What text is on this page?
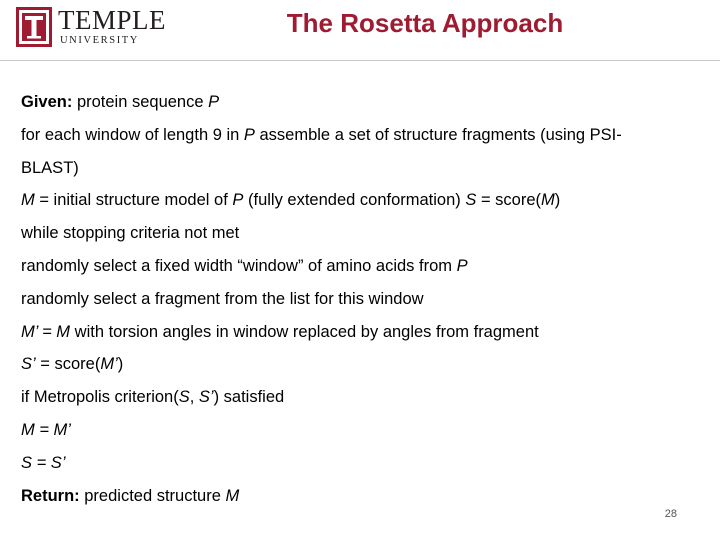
TEMPLE
UNIVERSITY
The Rosetta Approach
Given: protein sequence P
for each window of length 9 in P assemble a set of structure fragments (using PSI-
BLAST)
M = initial structure model of P (fully extended conformation) S = score(M)
while stopping criteria not met
randomly select a fixed width “window” of amino acids from P
randomly select a fragment from the list for this window
M’ = M with torsion angles in window replaced by angles from fragment
S’ = score(M’)
if Metropolis criterion(S, S’) satisfied
M = M’
S = S’
Return: predicted structure M
28
